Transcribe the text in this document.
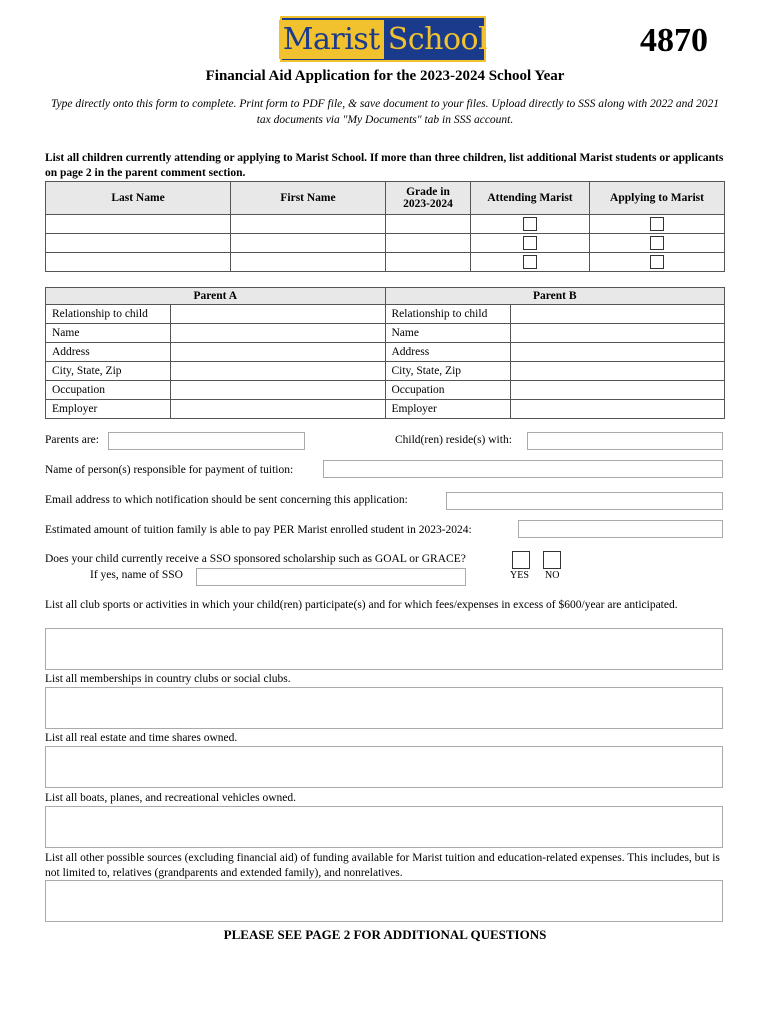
Marist School	4870
Financial Aid Application for the 2023-2024 School Year
Type directly onto this form to complete. Print form to PDF file, & save document to your files. Upload directly to SSS along with 2022 and 2021 tax documents via "My Documents" tab in SSS account.
List all children currently attending or applying to Marist School. If more than three children, list additional Marist students or applicants on page 2 in the parent comment section.
Last Name	First Name	Grade in 2023-2024	Attending Marist	Applying to Marist

Parent A		Parent B	
Relationship to child		Relationship to child	
Name		Name	
Address		Address	
City, State, Zip		City, State, Zip	
Occupation		Occupation	
Employer		Employer	
Parents are:	Child(ren) reside(s) with:
Name of person(s) responsible for payment of tuition:
Email address to which notification should be sent concerning this application:
Estimated amount of tuition family is able to pay PER Marist enrolled student in 2023-2024:
Does your child currently receive a SSO sponsored scholarship such as GOAL or GRACE?
If yes, name of SSO	YES NO
List all club sports or activities in which your child(ren) participate(s) and for which fees/expenses in excess of $600/year are anticipated.
List all memberships in country clubs or social clubs.
List all real estate and time shares owned.
List all boats, planes, and recreational vehicles owned.
List all other possible sources (excluding financial aid) of funding available for Marist tuition and education-related expenses. This includes, but is not limited to, relatives (grandparents and extended family), and nonrelatives.
PLEASE SEE PAGE 2 FOR ADDITIONAL QUESTIONS
